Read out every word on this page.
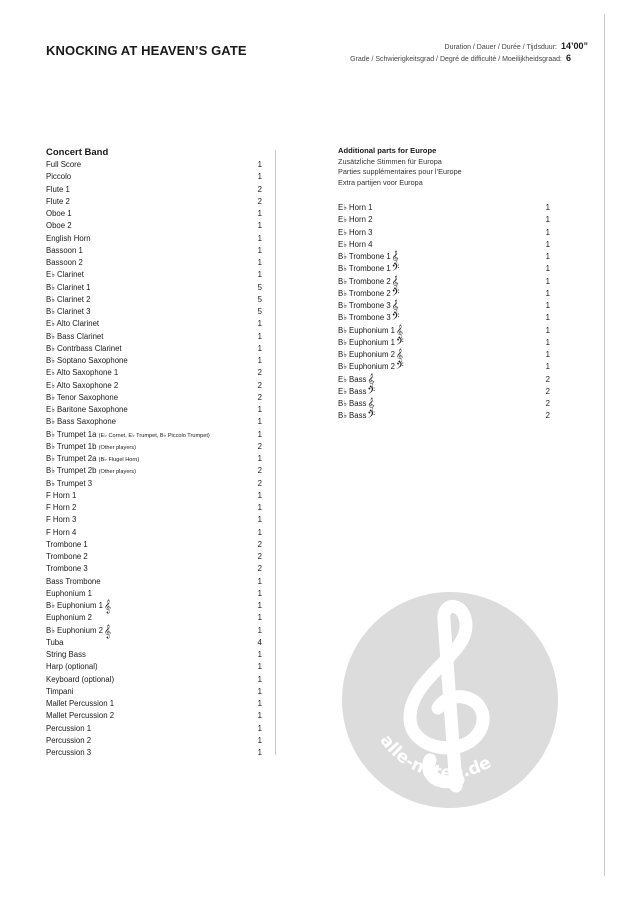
KNOCKING AT HEAVEN’S GATE	Duration / Dauer / Durée / Tijdsduur: 14’00”
Grade / Schwierigkeitsgrad / Degré de difficulté / Moeilijkheidsgraad: 6
Concert Band
Full Score	1
Piccolo	1
Flute 1	2
Flute 2	2
Oboe 1	1
Oboe 2	1
English Horn	1
Bassoon 1	1
Bassoon 2	1
E♭ Clarinet	1
B♭ Clarinet 1	5
B♭ Clarinet 2	5
B♭ Clarinet 3	5
E♭ Alto Clarinet	1
B♭ Bass Clarinet	1
B♭ Contrbass Clarinet	1
B♭ Soptano Saxophone	1
E♭ Alto Saxophone 1	2
E♭ Alto Saxophone 2	2
B♭ Tenor Saxophone	2
E♭ Baritone Saxophone	1
B♭ Bass Saxophone	1
B♭ Trumpet 1a (E♭ Cornet, E♭ Trumpet, B♭ Piccolo Trumpet)	1
B♭ Trumpet 1b (Other players)	2
B♭ Trumpet 2a (B♭ Flugel Horn)	1
B♭ Trumpet 2b (Other players)	2
B♭ Trumpet 3	2
F Horn 1	1
F Horn 2	1
F Horn 3	1
F Horn 4	1
Trombone 1	2
Trombone 2	2
Trombone 3	2
Bass Trombone	1
Euphonium 1	1
B♭ Euphonium 1𝄞	1
Euphonium 2	1
B♭ Euphonium 2𝄞	1
Tuba	4
String Bass	1
Harp (optional)	1
Keyboard (optional)	1
Timpani	1
Mallet Percussion 1	1
Mallet Percussion 2	1
Percussion 1	1
Percussion 2	1
Percussion 3	1
Additional parts for Europe
Zusätzliche Stimmen für Europa
Parties supplémentaires pour l’Europe
Extra partijen voor Europa
E♭ Horn 1	1
E♭ Horn 2	1
E♭ Horn 3	1
E♭ Horn 4	1
B♭ Trombone 1𝄞	1
B♭ Trombone 1𝄢	1
B♭ Trombone 2𝄞	1
B♭ Trombone 2𝄢	1
B♭ Trombone 3𝄞	1
B♭ Trombone 3𝄢	1
B♭ Euphonium 1𝄞	1
B♭ Euphonium 1𝄢	1
B♭ Euphonium 2𝄞	1
B♭ Euphonium 2𝄢	1
E♭ Bass𝄞	2
E♭ Bass𝄢	2
B♭ Bass𝄞	2
B♭ Bass𝄢	2
alle-noten.de
